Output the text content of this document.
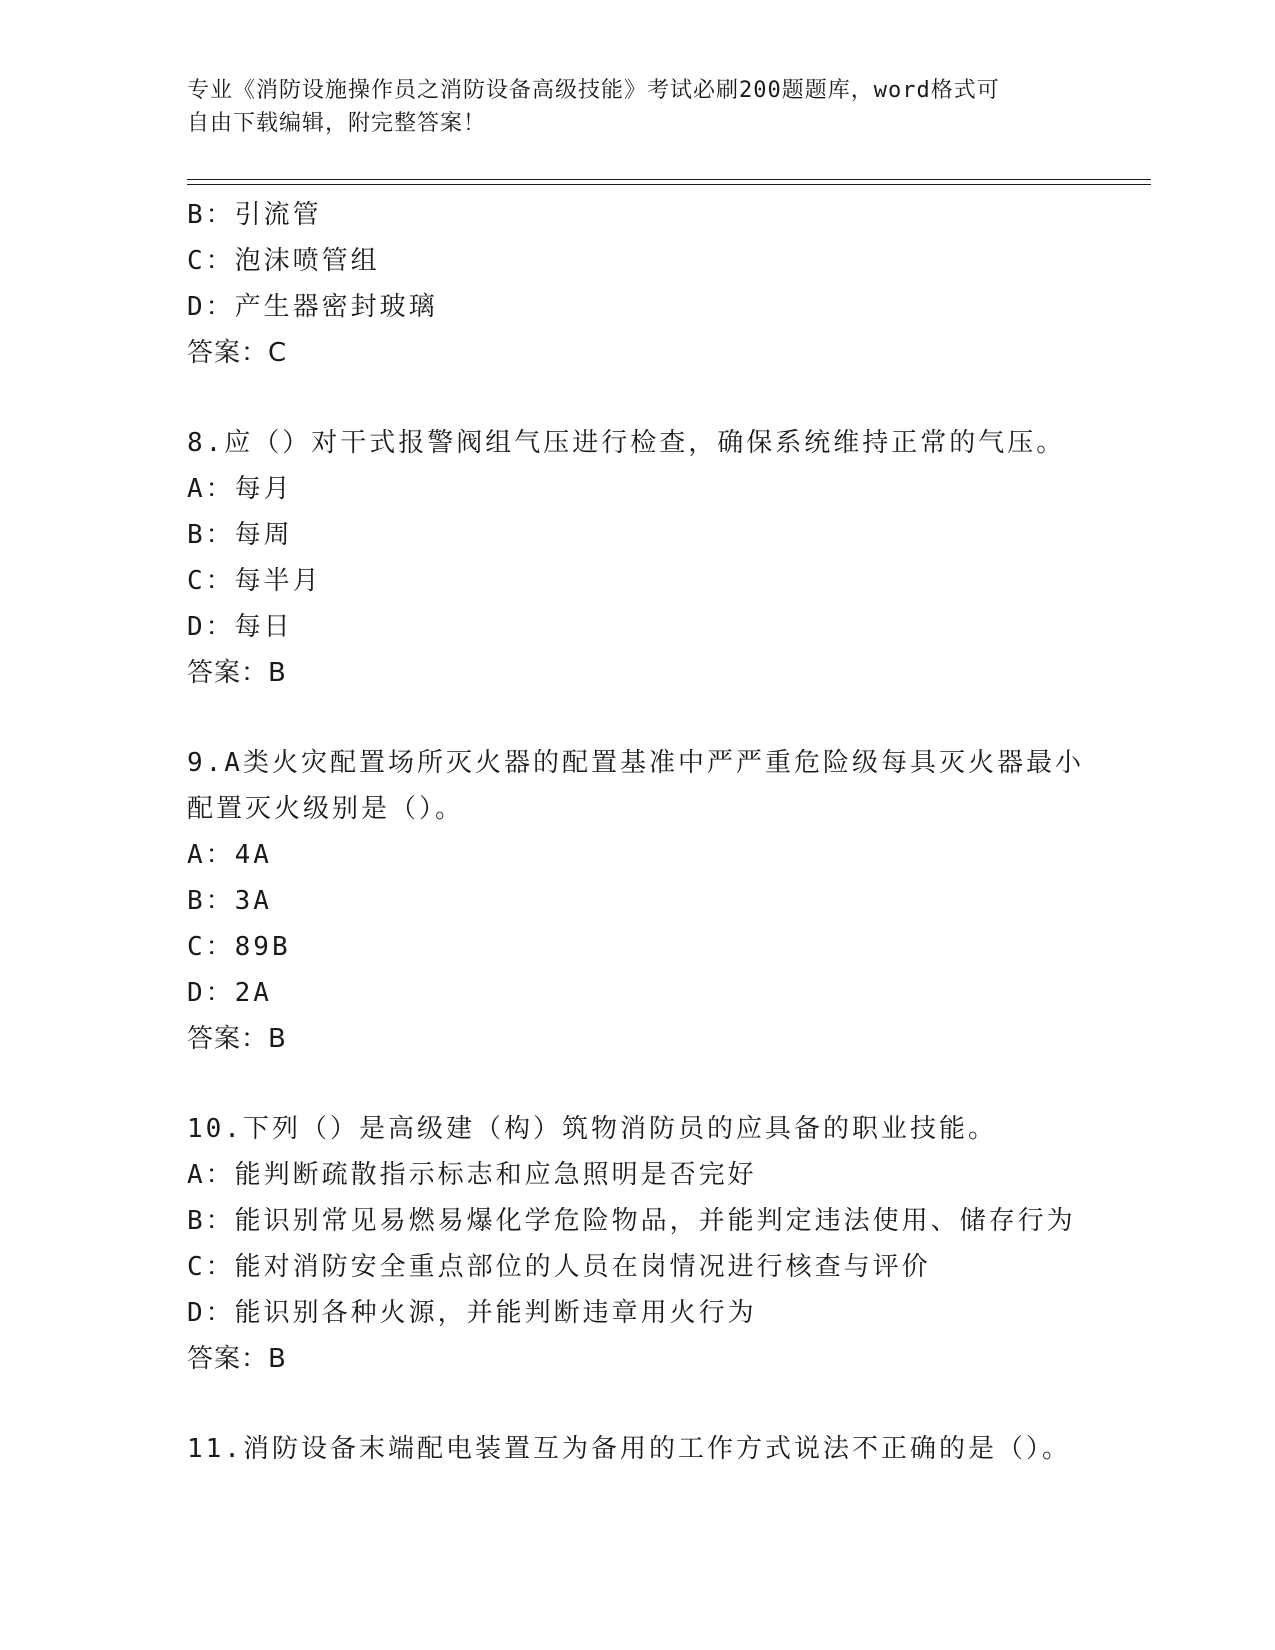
专业《消防设施操作员之消防设备高级技能》考试必刷200题题库，word格式可
自由下载编辑，附完整答案！
B：引流管
C：泡沫喷管组
D：产生器密封玻璃
答案：C
8.应（）对干式报警阀组气压进行检查，确保系统维持正常的气压。
A：每月
B：每周
C：每半月
D：每日
答案：B
9.A类火灾配置场所灭火器的配置基准中严严重危险级每具灭火器最小
配置灭火级别是（）。
A：4A
B：3A
C：89B
D：2A
答案：B
10.下列（）是高级建（构）筑物消防员的应具备的职业技能。
A：能判断疏散指示标志和应急照明是否完好
B：能识别常见易燃易爆化学危险物品，并能判定违法使用、储存行为
C：能对消防安全重点部位的人员在岗情况进行核查与评价
D：能识别各种火源，并能判断违章用火行为
答案：B
11.消防设备末端配电装置互为备用的工作方式说法不正确的是（）。
